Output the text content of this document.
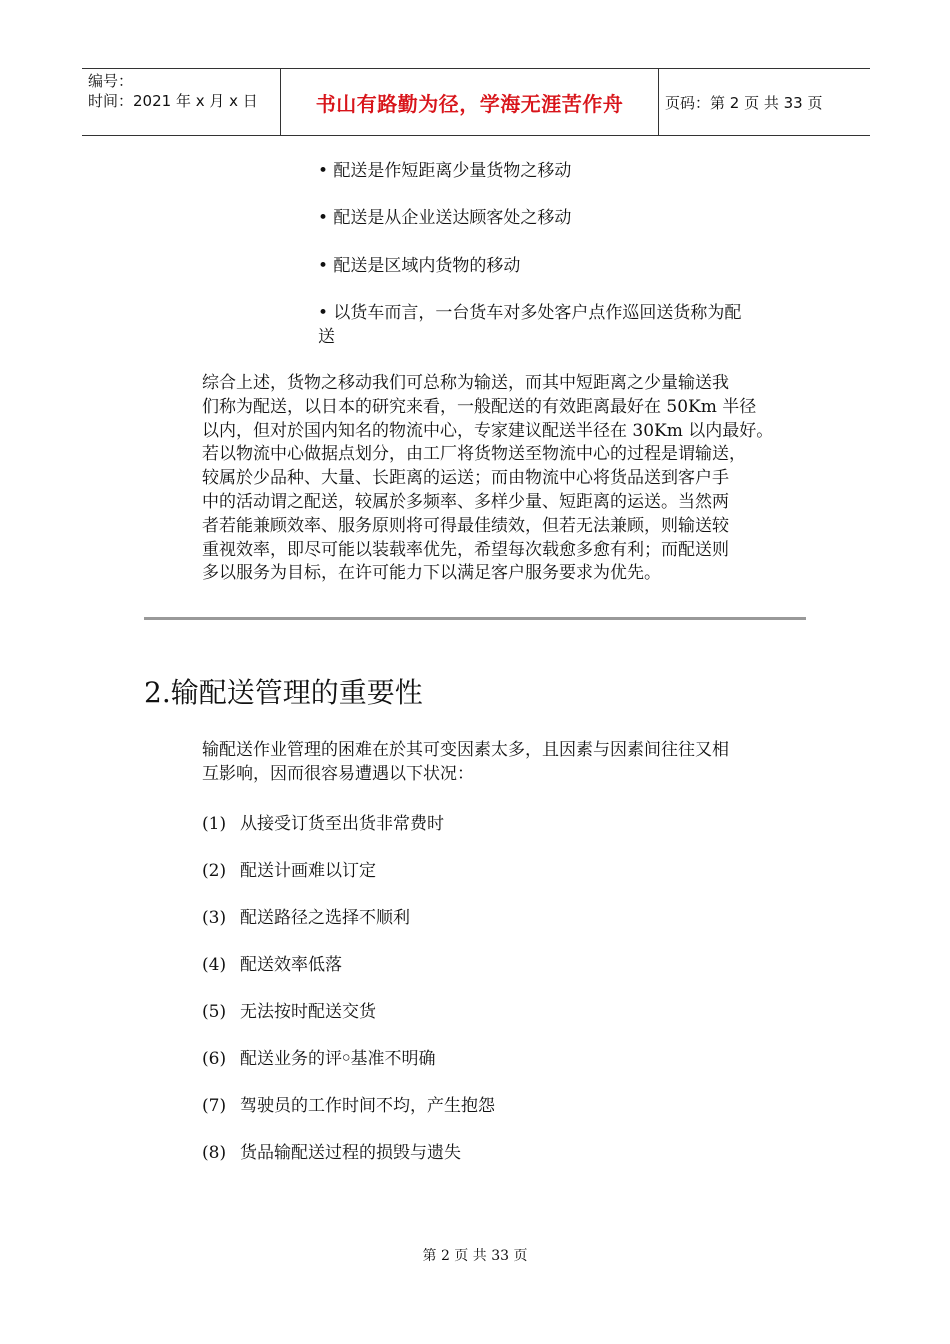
编号：
时间：2021 年 x 月 x 日	书山有路勤为径，学海无涯苦作舟	页码：第 2 页 共 33 页
• 配送是作短距离少量货物之移动
• 配送是从企业送达顾客处之移动
• 配送是区域内货物的移动
• 以货车而言，一台货车对多处客户点作巡回送货称为配
送
综合上述，货物之移动我们可总称为输送，而其中短距离之少量输送我
们称为配送，以日本的研究来看，一般配送的有效距离最好在 50Km 半径
以内，但对於国内知名的物流中心，专家建议配送半径在 30Km 以内最好。
若以物流中心做据点划分，由工厂将货物送至物流中心的过程是谓输送，
较属於少品种、大量、长距离的运送；而由物流中心将货品送到客户手
中的活动谓之配送，较属於多频率、多样少量、短距离的运送。当然两
者若能兼顾效率、服务原则将可得最佳绩效，但若无法兼顾，则输送较
重视效率，即尽可能以装载率优先，希望每次载愈多愈有利；而配送则
多以服务为目标，在许可能力下以满足客户服务要求为优先。
2.输配送管理的重要性
输配送作业管理的困难在於其可变因素太多，且因素与因素间往往又相
互影响，因而很容易遭遇以下状况：
(1) 从接受订货至出货非常费时
(2) 配送计画难以订定
(3) 配送路径之选择不顺利
(4) 配送效率低落
(5) 无法按时配送交货
(6) 配送业务的评￮基准不明确
(7) 驾驶员的工作时间不均，产生抱怨
(8) 货品输配送过程的损毁与遗失
第 2 页 共 33 页
